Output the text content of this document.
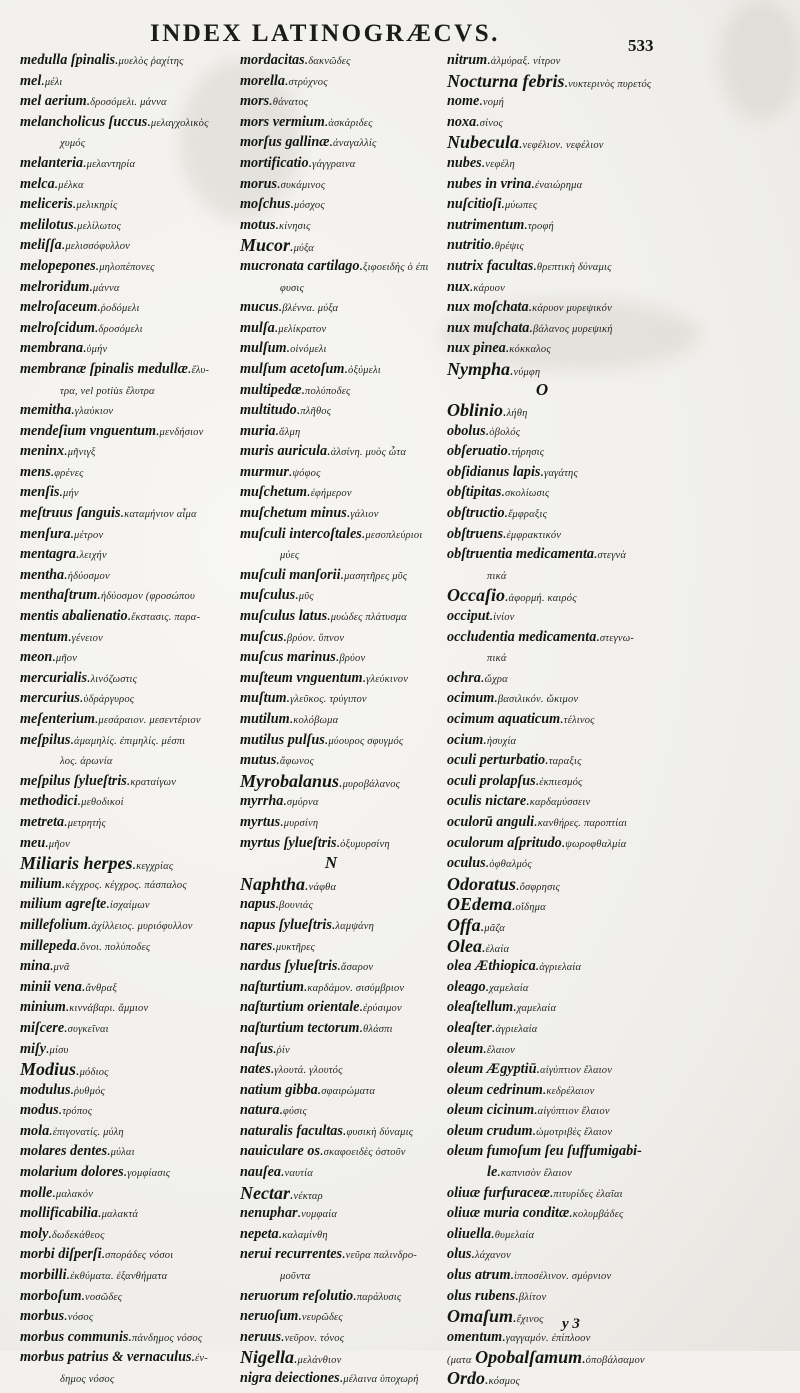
INDEX LATINOGRÆCVS.	533
medulla ſpinalis.μυελὸς ῥαχίτης
mel.μέλι
mel aerium.δροσόμελι. μάννα
melancholicus ſuccus.μελαγχολικὸς
χυμός
melanteria.μελαντηρία
melca.μέλκα
meliceris.μελικηρίς
melilotus.μελίλωτος
meliſſa.μελισσόφυλλον
melopepones.μηλοπέπονες
melroridum.μάννα
melroſaceum.ῥοδόμελι
melroſcidum.δροσόμελι
membrana.ὑμήν
membranæ ſpinalis medullæ.ἔλυ-
τρα, vel potiùs ἔλυτρα
memitha.γλαύκιον
mendeſium vnguentum.μενδήσιον
meninx.μῆνιγξ
mens.φρένες
menſis.μήν
meſtruus ſanguis.καταμήνιον αἷμα
menſura.μέτρον
mentagra.λειχήν
mentha.ἡδύοσμον
menthaſtrum.ἡδύοσμον (φροσώπου
mentis abalienatio.ἔκστασις. παρα-
mentum.γένειον
meon.μῆον
mercurialis.λινόζωστις
mercurius.ὑδράργυρος
meſenterium.μεσάραιον. μεσεντέριον
meſpilus.ἀμαμηλίς. ἐπιμηλίς. μέσπι
λος. ἀρωνία
meſpilus ſylueſtris.κραταίγων
methodici.μεθοδικοί
metreta.μετρητής
meu.μῆον
Miliaris herpes.κεγχρίας
milium.κέγχρος. κέγχρος. πάσπαλος
milium agreſte.ἰσχαίμων
millefolium.ἀχίλλειος. μυριόφυλλον
millepeda.ὄνοι. πολύποδες
mina.μνᾶ
minii vena.ἄνθραξ
minium.κιννάβαρι. ἄμμιον
miſcere.συγκεῖναι
miſy.μίσυ
Modius.μόδιος
modulus.ῥυθμός
modus.τρόπος
mola.ἐπιγονατίς. μύλη
molares dentes.μύλαι
molarium dolores.γομφίασις
molle.μαλακόν
mollificabilia.μαλακτά
moly.δωδεκάθεος
morbi diſperſi.σποράδες νόσοι
morbilli.ἐκθύματα. ἐξανθήματα
morboſum.νοσῶδες
morbus.νόσος
morbus communis.πάνδημος νόσος
morbus patrius & vernaculus.ἐν-
δημος νόσος
mordacitas.δακνῶδες
morella.στρύχνος
mors.θάνατος
mors vermium.ἀσκάριδες
morſus gallinæ.ἀναγαλλίς
mortificatio.γάγγραινα
morus.συκάμινος
moſchus.μόσχος
motus.κίνησις
Mucor.μύξα
mucronata cartilago.ξιφοειδὴς ὁ ἐπι
φυσις
mucus.βλέννα. μύξα
mulſa.μελίκρατον
mulſum.οἰνόμελι
mulſum acetoſum.ὀξύμελι
multipedæ.πολύποδες
multitudo.πλῆθος
muria.ἅλμη
muris auricula.ἀλσίνη. μυὸς ὦτα
murmur.ψόφος
muſchetum.ἐφήμερον
muſchetum minus.γάλιον
muſculi intercoſtales.μεσοπλεύριοι
μύες
muſculi manſorii.μασητῆρες μῦς
muſculus.μῦς
muſculus latus.μυώδες πλάτυσμα
muſcus.βρύον. ὕπνον
muſcus marinus.βρύον
muſteum vnguentum.γλεύκινον
muſtum.γλεῦκος. τρύγιπον
mutilum.κολόβωμα
mutilus pulſus.μύουρος σφυγμός
mutus.ἄφωνος
Myrobalanus.μυροβάλανος
myrrha.σμύρνα
myrtus.μυρσίνη
myrtus ſylueſtris.ὀξυμυρσίνη
N
Naphtha.νάφθα
napus.βουνιάς
napus ſylueſtris.λαμψάνη
nares.μυκτῆρες
nardus ſylueſtris.ἄσαρον
naſturtium.καρδάμον. σισύμβριον
naſturtium orientale.ἐρύσιμον
naſturtium tectorum.θλάσπι
naſus.ῥίν
nates.γλουτά. γλουτός
natium gibba.σφαιρώματα
natura.φύσις
naturalis facultas.φυσικὴ δύναμις
nauiculare os.σκαφοειδὲς ὀστοῦν
nauſea.ναυτία
Nectar.νέκταρ
nenuphar.νυμφαία
nepeta.καλαμίνθη
nerui recurrentes.νεῦρα παλινδρο-
μοῦντα
neruorum reſolutio.παράλυσις
neruoſum.νευρῶδες
neruus.νεῦρον. τόνος
Nigella.μελάνθιον
nigra deiectiones.μέλαινα ὑποχωρή
nitrum.ἁλμύραξ. νίτρον
Nocturna febris.νυκτερινὸς πυρετός
nome.νομή
noxa.σίνος
Nubecula.νεφέλιον. νεφέλιον
nubes.νεφέλη
nubes in vrina.ἐναιώρημα
nuſcitioſi.μύωπες
nutrimentum.τροφή
nutritio.θρέψις
nutrix facultas.θρεπτικὴ δύναμις
nux.κάρυον
nux moſchata.κάρυον μυρεψικόν
nux muſchata.βάλανος μυρεψική
nux pinea.κόκκαλος
Nympha.νύμφη
O
Oblinio.λήθη
obolus.ὀβολός
obſeruatio.τήρησις
obſidianus lapis.γαγάτης
obſtipitas.σκολίωσις
obſtructio.ἔμφραξις
obſtruens.ἐμφρακτικόν
obſtruentia medicamenta.στεγνὰ
πικά
Occaſio.ἀφορμή. καιρός
occiput.ἰνίον
occludentia medicamenta.στεγνω-
πικά
ochra.ὤχρα
ocimum.βασιλικόν. ὤκιμον
ocimum aquaticum.τέλινος
ocium.ἡσυχία
oculi perturbatio.ταραξις
oculi prolapſus.ἐκπιεσμός
oculis nictare.καρδαμύσσειν
oculorū anguli.κανθήρες. παροπτίαι
oculorum aſpritudo.ψωροφθαλμία
oculus.ὀφθαλμός
Odoratus.ὄσφρησις
OEdema.οἴδημα
Offa.μᾶζα
Olea.ἐλαία
olea Æthiopica.ἀγριελαία
oleago.χαμελαία
oleaſtellum.χαμελαία
oleaſter.ἀγριελαία
oleum.ἔλαιον
oleum Ægyptiū.αἰγύπτιον ἔλαιον
oleum cedrinum.κεδρέλαιον
oleum cicinum.αἰγύπτιον ἔλαιον
oleum crudum.ὠμοτριβὲς ἔλαιον
oleum fumoſum ſeu ſuffumigabi-
le.καπνισὸν ἔλαιον
oliuæ furfuraceæ.πιτυρίδες ἐλαῖαι
oliuæ muria conditæ.κολυμβάδες
oliuella.θυμελαία
olus.λάχανον
olus atrum.ἱπποσέλινον. σμύρνιον
olus rubens.βλίτον
Omaſum.ἔχινος
omentum.γαγγαμόν. ἐπίπλοον
(ματα Opobalſamum.ὀποβάλσαμον
Ordo.κόσμος
y 3
